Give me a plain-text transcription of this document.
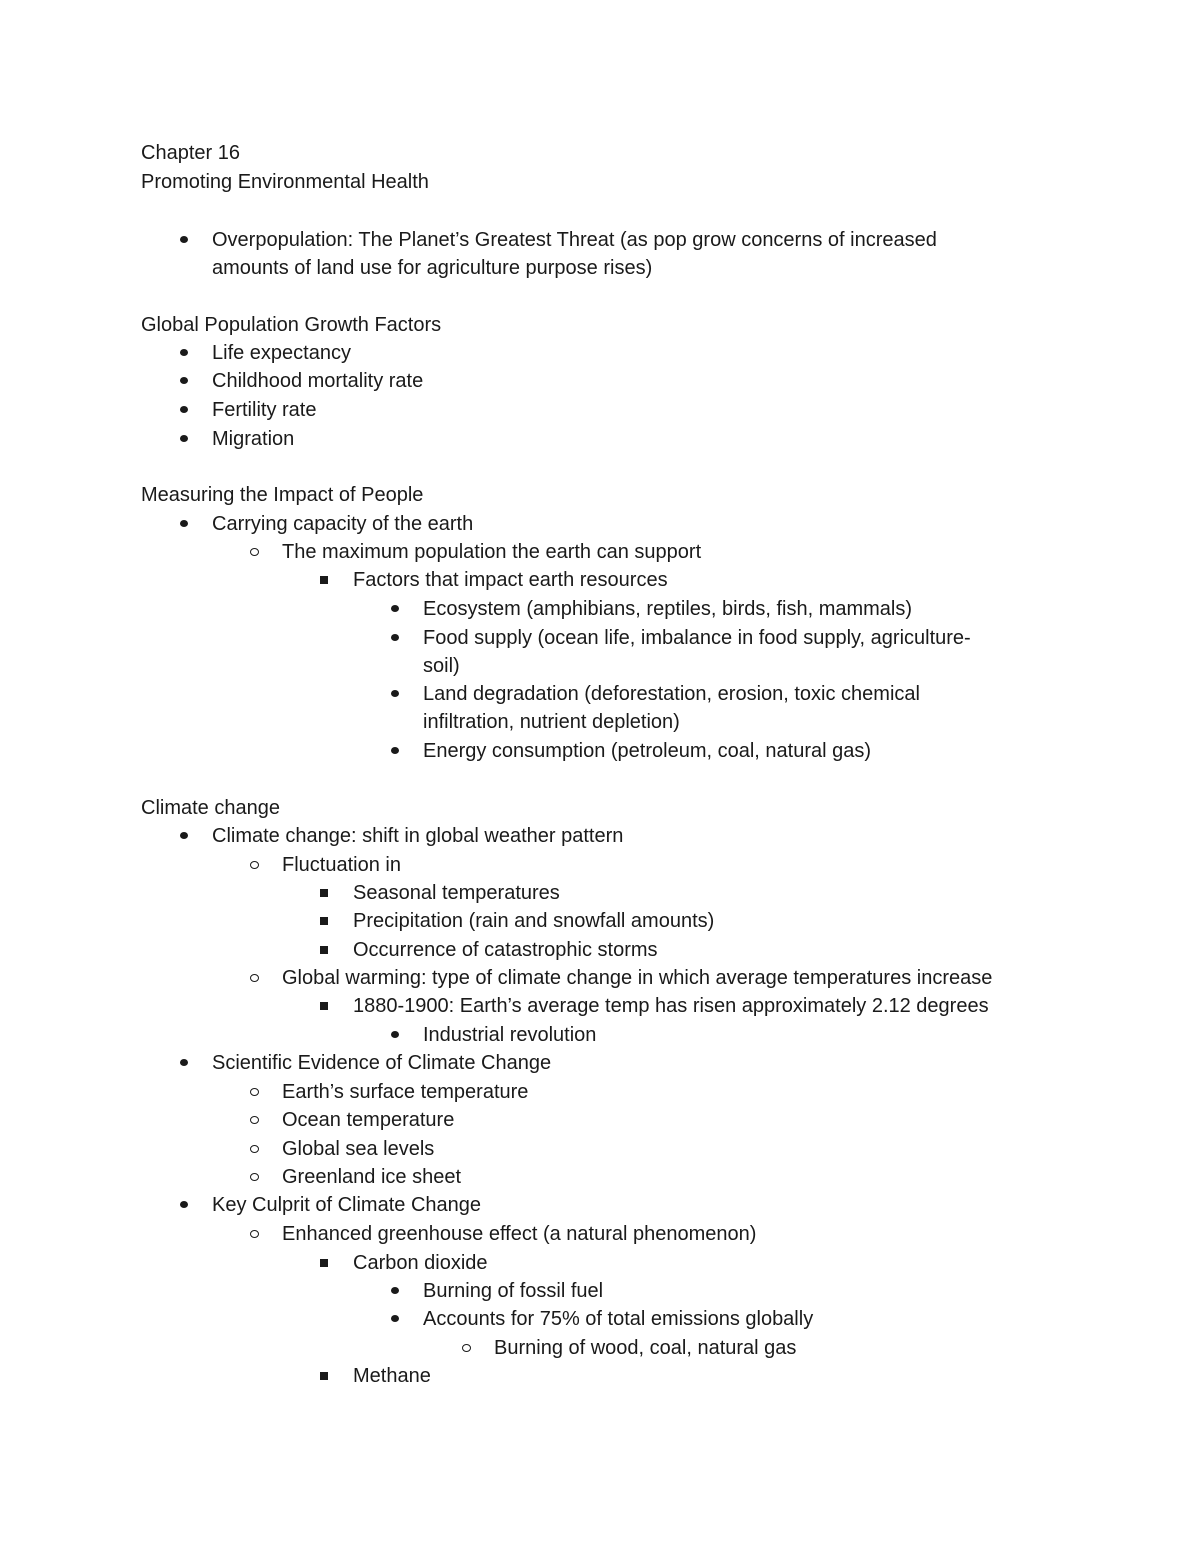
Chapter 16
Promoting Environmental Health
Overpopulation: The Planet’s Greatest Threat (as pop grow concerns of increased
amounts of land use for agriculture purpose rises)
Global Population Growth Factors
Life expectancy
Childhood mortality rate
Fertility rate
Migration
Measuring the Impact of People
Carrying capacity of the earth
The maximum population the earth can support
Factors that impact earth resources
Ecosystem (amphibians, reptiles, birds, fish, mammals)
Food supply (ocean life, imbalance in food supply, agriculture-
soil)
Land degradation (deforestation, erosion, toxic chemical
infiltration, nutrient depletion)
Energy consumption (petroleum, coal, natural gas)
Climate change
Climate change: shift in global weather pattern
Fluctuation in
Seasonal temperatures
Precipitation (rain and snowfall amounts)
Occurrence of catastrophic storms
Global warming: type of climate change in which average temperatures increase
1880-1900: Earth’s average temp has risen approximately 2.12 degrees
Industrial revolution
Scientific Evidence of Climate Change
Earth’s surface temperature
Ocean temperature
Global sea levels
Greenland ice sheet
Key Culprit of Climate Change
Enhanced greenhouse effect (a natural phenomenon)
Carbon dioxide
Burning of fossil fuel
Accounts for 75% of total emissions globally
Burning of wood, coal, natural gas
Methane
